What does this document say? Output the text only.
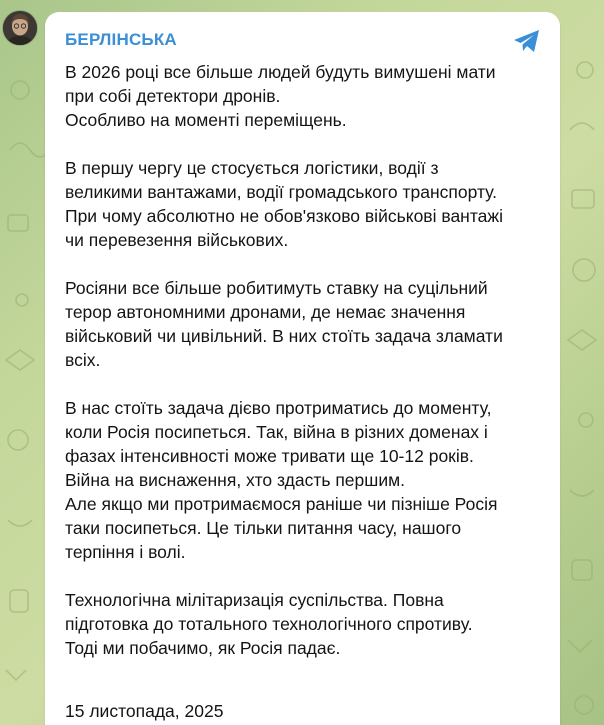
БЕРЛІНСЬКА

В 2026 році все більше людей будуть вимушені мати
при собі детектори дронів.
Особливо на моменті переміщень.

В першу чергу це стосується логістики, водії з
великими вантажами, водії громадського транспорту.
При чому абсолютно не обов'язково військові вантажі
чи перевезення військових.

Росіяни все більше робитимуть ставку на суцільний
терор автономними дронами, де немає значення
військовий чи цивільний. В них стоїть задача зламати
всіх.

В нас стоїть задача дієво протриматись до моменту,
коли Росія посипеться. Так, війна в різних доменах і
фазах інтенсивності може тривати ще 10-12 років.
Війна на виснаження, хто здасть першим.
Але якщо ми протримаємося раніше чи пізніше Росія
таки посипеться. Це тільки питання часу, нашого
терпіння і волі.

Технологічна мілітаризація суспільства. Повна
підготовка до тотального технологічного спротиву.
Тоді ми побачимо, як Росія падає.

15 листопада, 2025
